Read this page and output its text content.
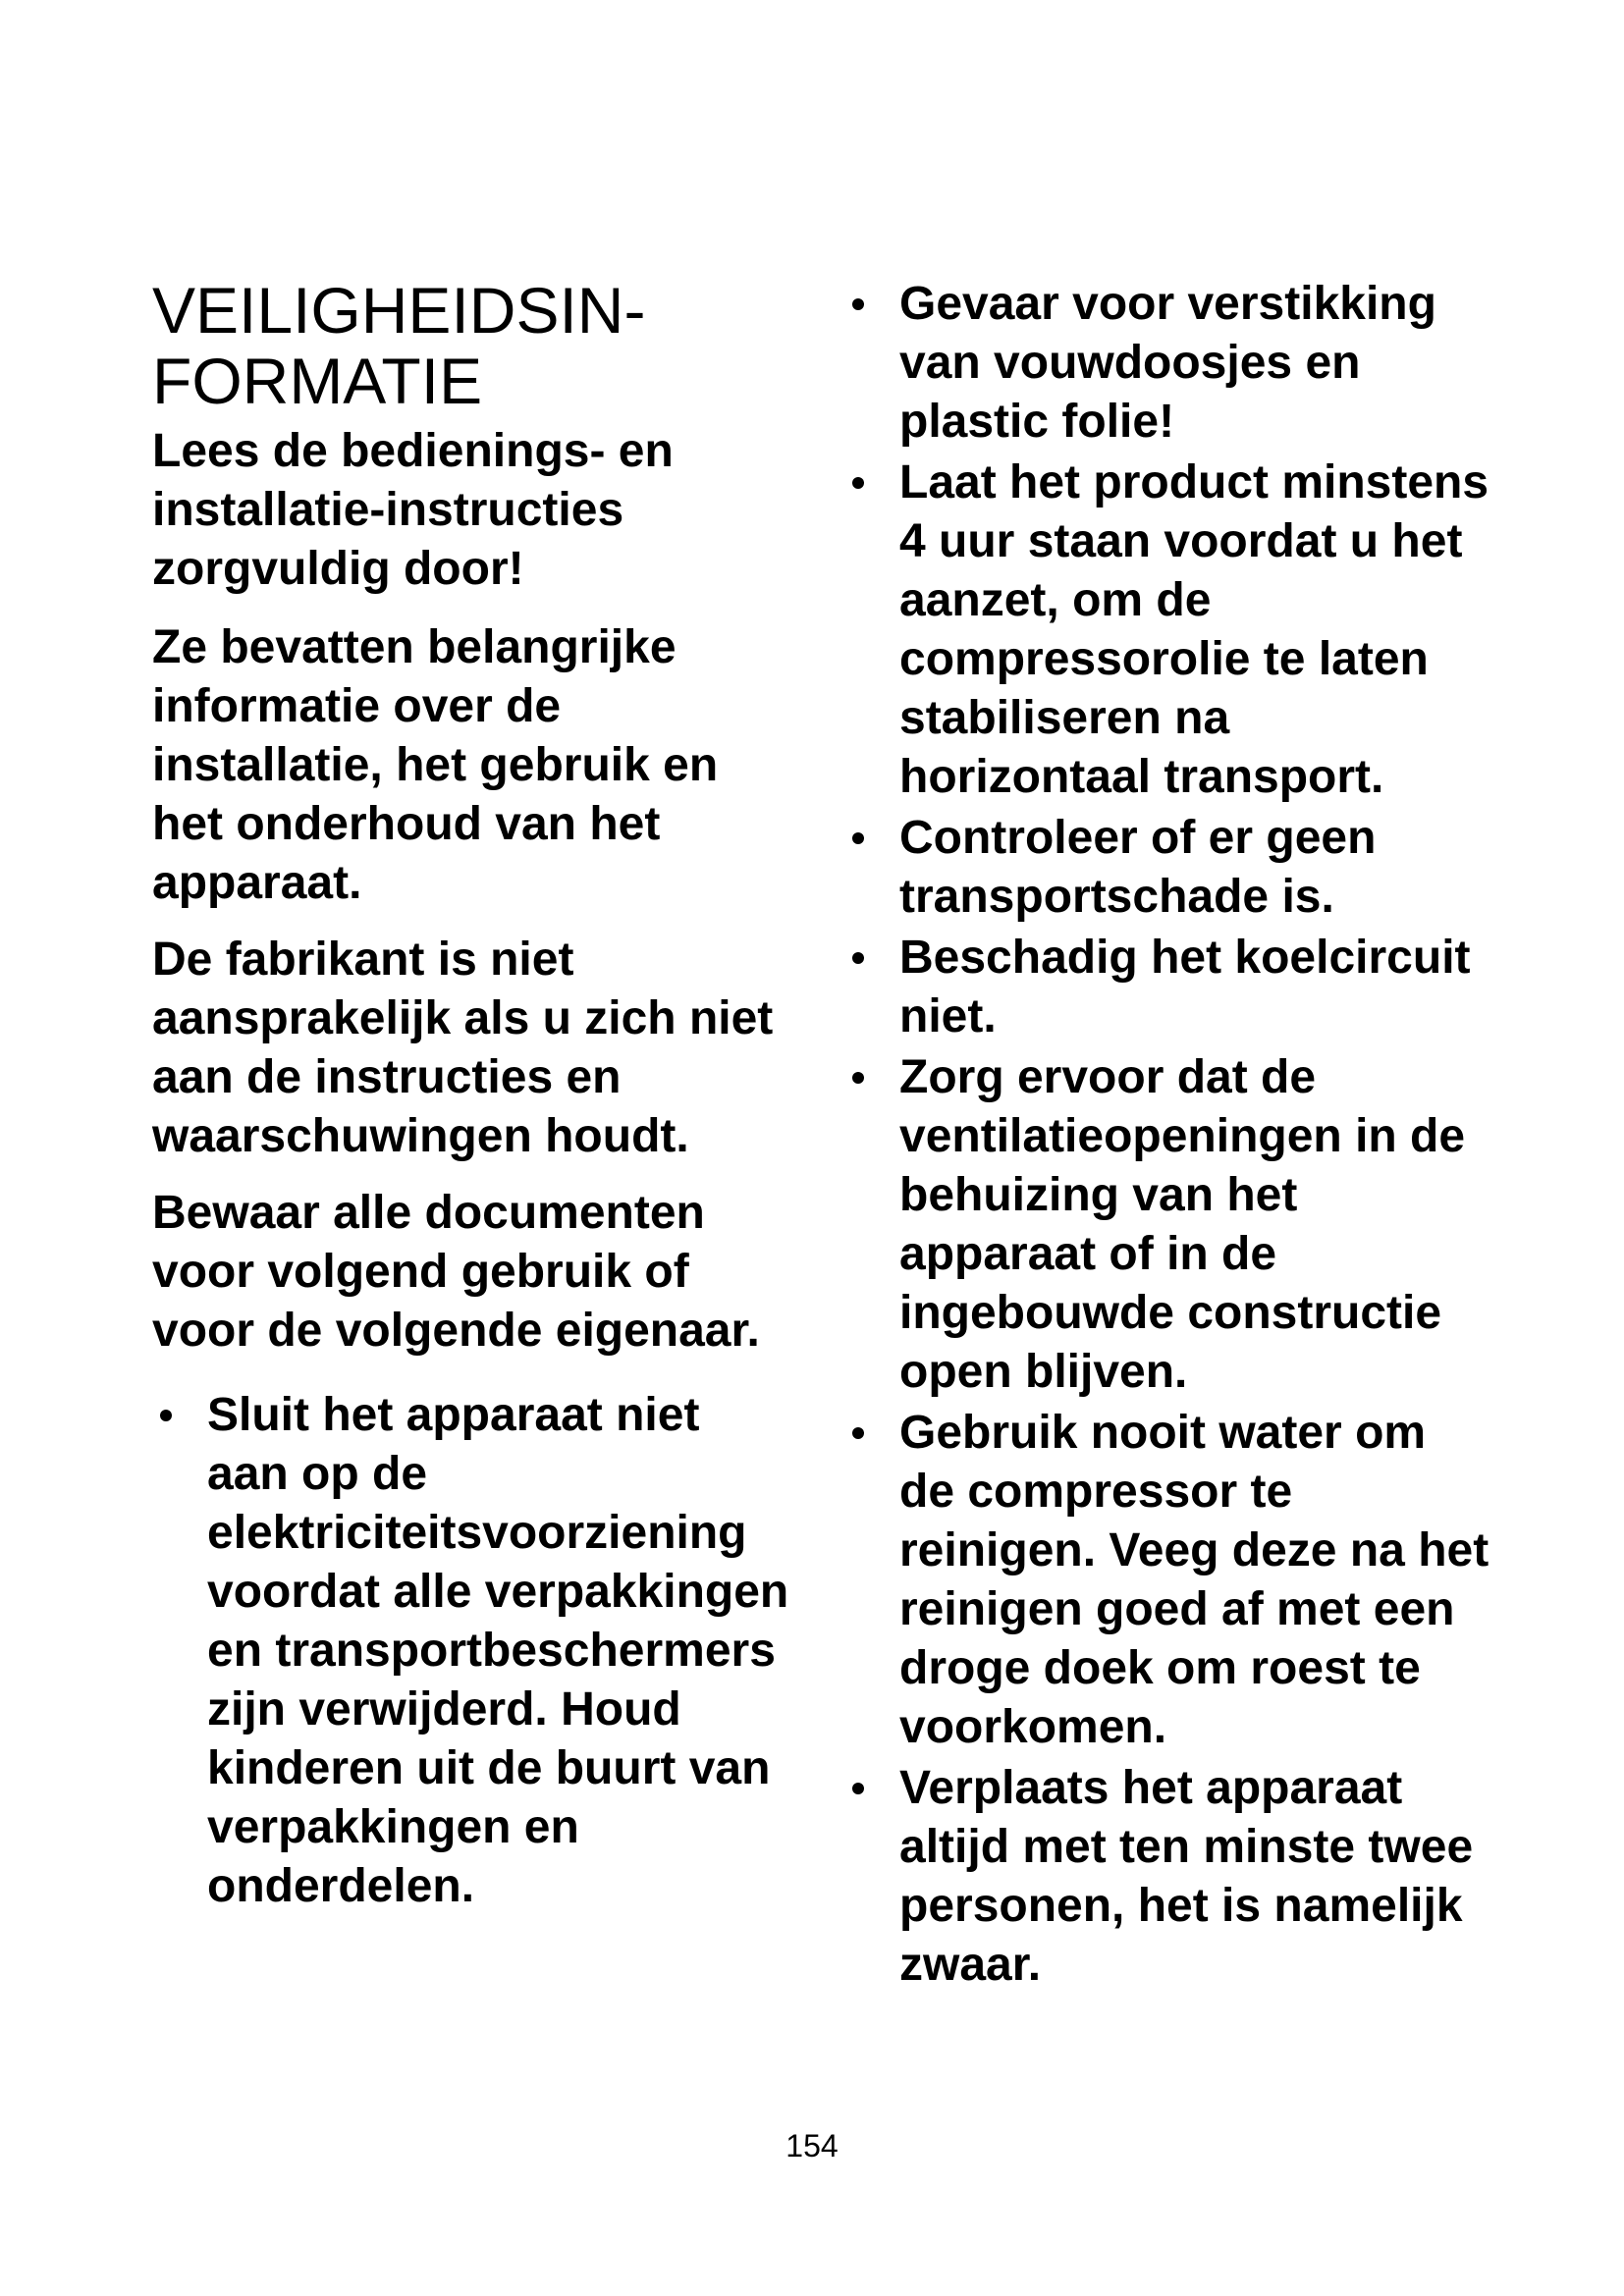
VEILIGHEIDSIN-
FORMATIE

Lees de bedienings- en installatie-instructies zorgvuldig door!

Ze bevatten belangrijke informatie over de installatie, het gebruik en het onderhoud van het apparaat.

De fabrikant is niet aansprakelijk als u zich niet aan de instructies en waarschuwingen houdt.

Bewaar alle documenten voor volgend gebruik of voor de volgende eigenaar.

Sluit het apparaat niet aan op de elektriciteitsvoorziening voordat alle verpakkingen en transportbeschermers zijn verwijderd. Houd kinderen uit de buurt van verpakkingen en onderdelen.
Gevaar voor verstikking van vouwdoosjes en plastic folie!
Laat het product minstens 4 uur staan voordat u het aanzet, om de compressorolie te laten stabiliseren na horizontaal transport.
Controleer of er geen transportschade is.
Beschadig het koelcircuit niet.
Zorg ervoor dat de ventilatieopeningen in de behuizing van het apparaat of in de ingebouwde constructie open blijven.
Gebruik nooit water om de compressor te reinigen. Veeg deze na het reinigen goed af met een droge doek om roest te voorkomen.
Verplaats het apparaat altijd met ten minste twee personen, het is namelijk zwaar.
154
